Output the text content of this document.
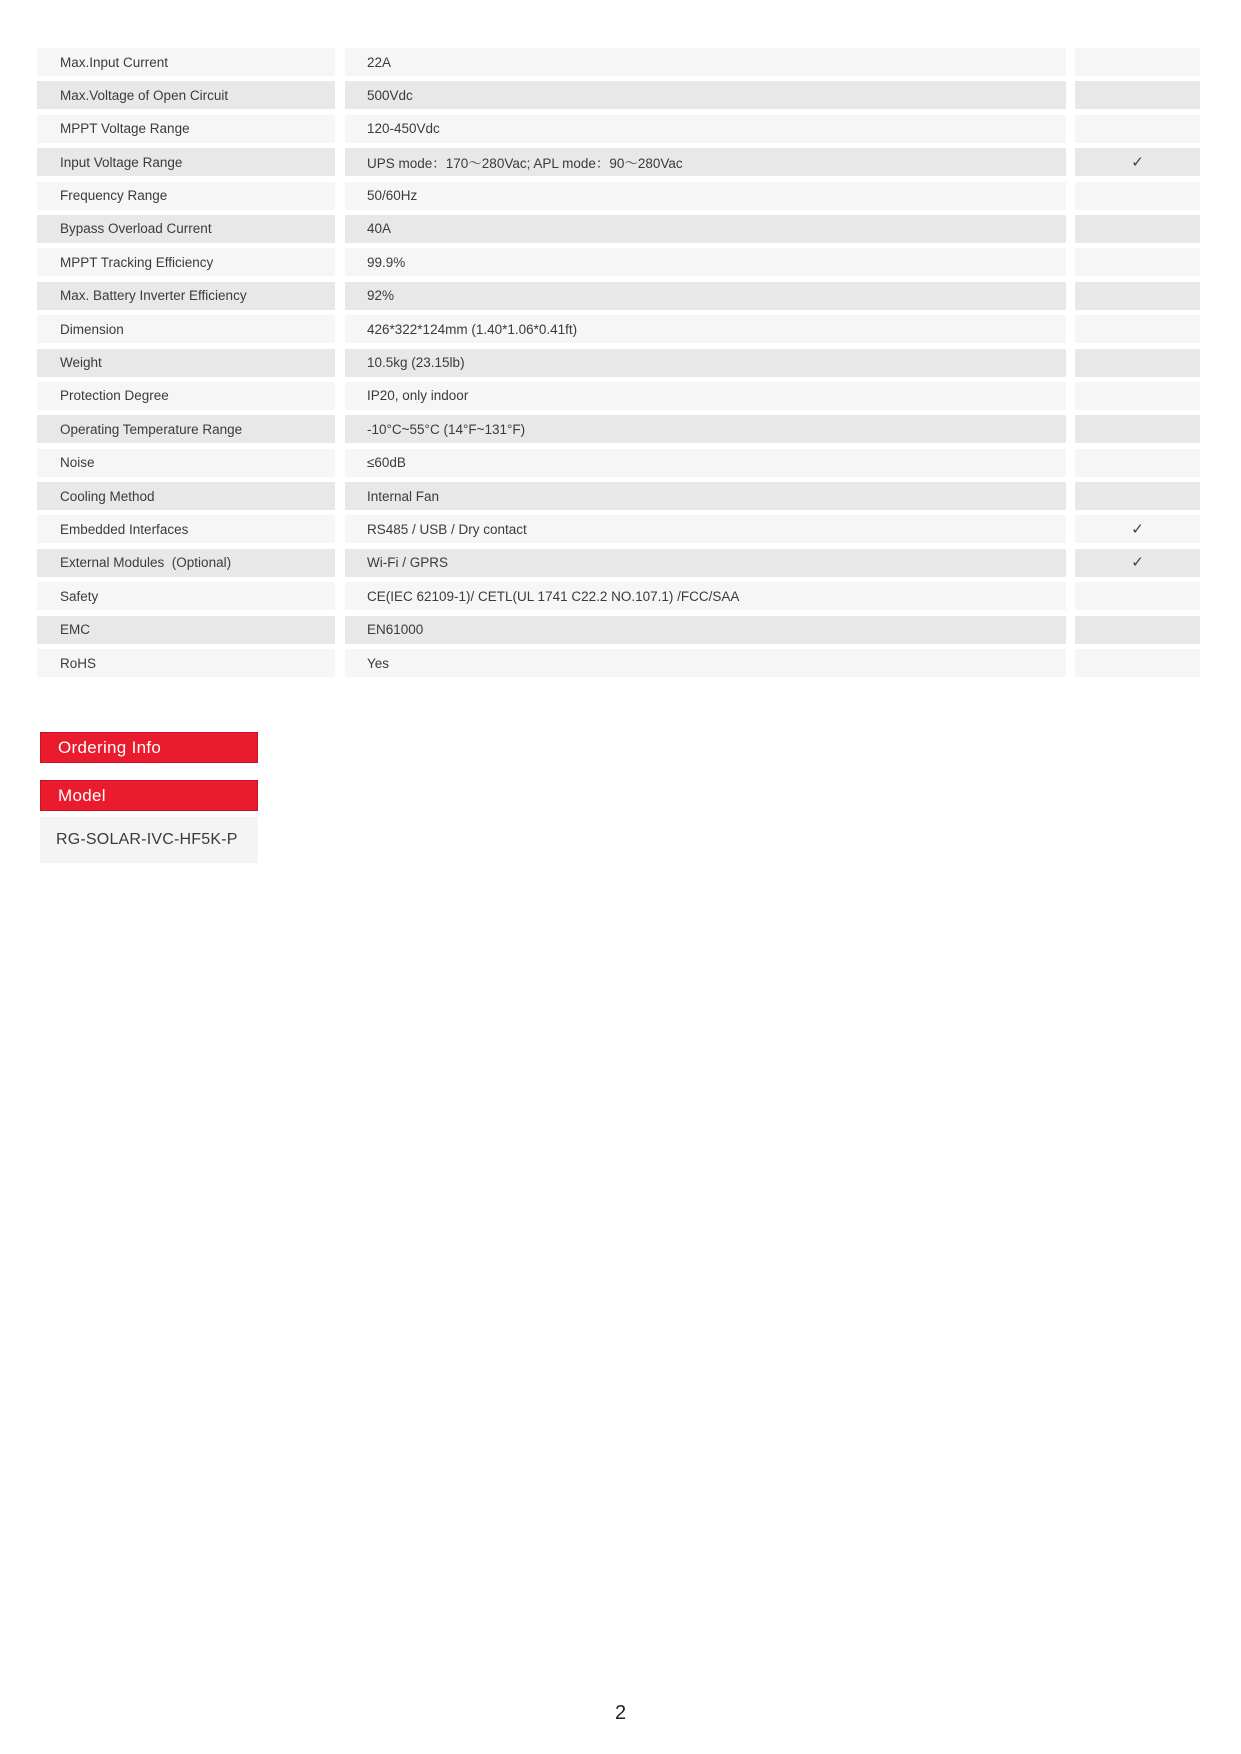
Max.Input Current	22A
Max.Voltage of Open Circuit	500Vdc
MPPT Voltage Range	120-450Vdc
Input Voltage Range	UPS mode：170～280Vac; APL mode：90～280Vac	✓
Frequency Range	50/60Hz
Bypass Overload Current	40A
MPPT Tracking Efficiency	99.9%
Max. Battery Inverter Efficiency	92%
Dimension	426*322*124mm (1.40*1.06*0.41ft)
Weight	10.5kg (23.15lb)
Protection Degree	IP20, only indoor
Operating Temperature Range	-10°C~55°C (14°F~131°F)
Noise	≤60dB
Cooling Method	Internal Fan
Embedded Interfaces	RS485 / USB / Dry contact	✓
External Modules  (Optional)	Wi-Fi / GPRS	✓
Safety	CE(IEC 62109-1)/ CETL(UL 1741 C22.2 NO.107.1) /FCC/SAA
EMC	EN61000
RoHS	Yes
Ordering Info
Model
RG-SOLAR-IVC-HF5K-P
2
